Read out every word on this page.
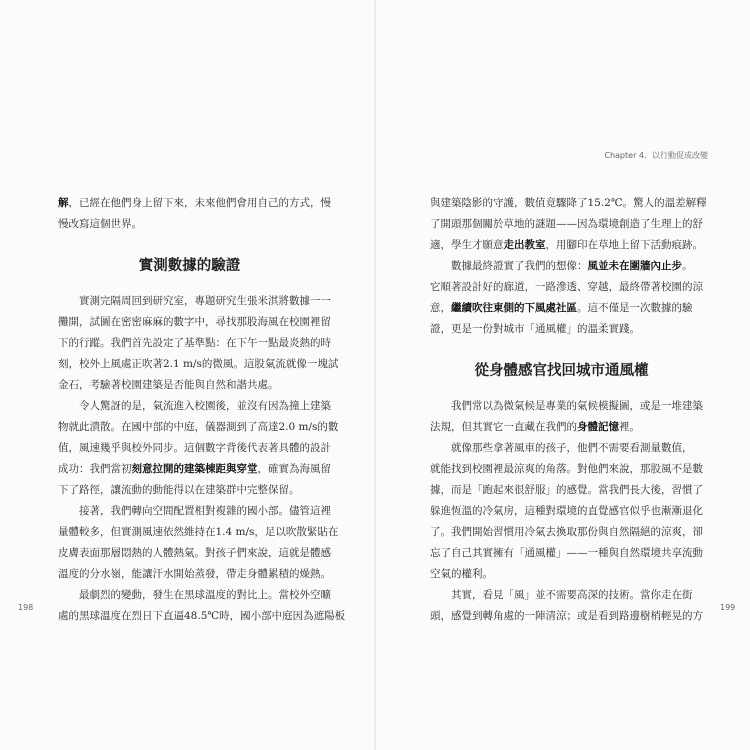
解，已經在他們身上留下來，未來他們會用自己的方式，慢
慢改寫這個世界。
實測數據的驗證
實測完隔周回到研究室，專題研究生張米淇將數據一一
攤開，試圖在密密麻麻的數字中，尋找那股海風在校園裡留
下的行蹤。我們首先設定了基準點：在下午一點最炎熱的時
刻，校外上風處正吹著2.1 m/s的微風。這股氣流就像一塊試
金石，考驗著校園建築是否能與自然和諧共處。
令人驚訝的是，氣流進入校園後，並沒有因為撞上建築
物就此潰散。在國中部的中庭，儀器測到了高達2.0 m/s的數
值，風速幾乎與校外同步。這個數字背後代表著具體的設計
成功：我們當初刻意拉開的建築棟距與穿堂，確實為海風留
下了路徑，讓流動的動能得以在建築群中完整保留。
接著，我們轉向空間配置相對複雜的國小部。儘管這裡
量體較多，但實測風速依然維持在1.4 m/s，足以吹散緊貼在
皮膚表面那層悶熱的人體熱氣。對孩子們來說，這就是體感
溫度的分水嶺，能讓汗水開始蒸發，帶走身體累積的燥熱。
最劇烈的變動，發生在黑球溫度的對比上。當校外空曠
處的黑球溫度在烈日下直逼48.5℃時，國小部中庭因為遮陽板
198
Chapter 4．以行動促成改變
與建築陰影的守護，數值竟驟降了15.2℃。驚人的溫差解釋
了開頭那個關於草地的謎題——因為環境創造了生理上的舒
適，學生才願意走出教室，用腳印在草地上留下活動痕跡。
數據最終證實了我們的想像：風並未在圍牆內止步。
它順著設計好的廊道，一路滲透、穿越，最終帶著校園的涼
意，繼續吹往東側的下風處社區。這不僅是一次數據的驗
證，更是一份對城市「通風權」的溫柔實踐。
從身體感官找回城市通風權
我們常以為微氣候是專業的氣候模擬圖，或是一堆建築
法規，但其實它一直藏在我們的身體記憶裡。
就像那些拿著風車的孩子，他們不需要看測量數值，
就能找到校園裡最涼爽的角落。對他們來說，那股風不是數
據，而是「跑起來很舒服」的感覺。當我們長大後，習慣了
躲進恆溫的冷氣房，這種對環境的直覺感官似乎也漸漸退化
了。我們開始習慣用冷氣去換取那份與自然隔絕的涼爽，卻
忘了自己其實擁有「通風權」——一種與自然環境共享流動
空氣的權利。
其實，看見「風」並不需要高深的技術。當你走在街
頭，感覺到轉角處的一陣清涼；或是看到路邊樹梢輕晃的方
199
